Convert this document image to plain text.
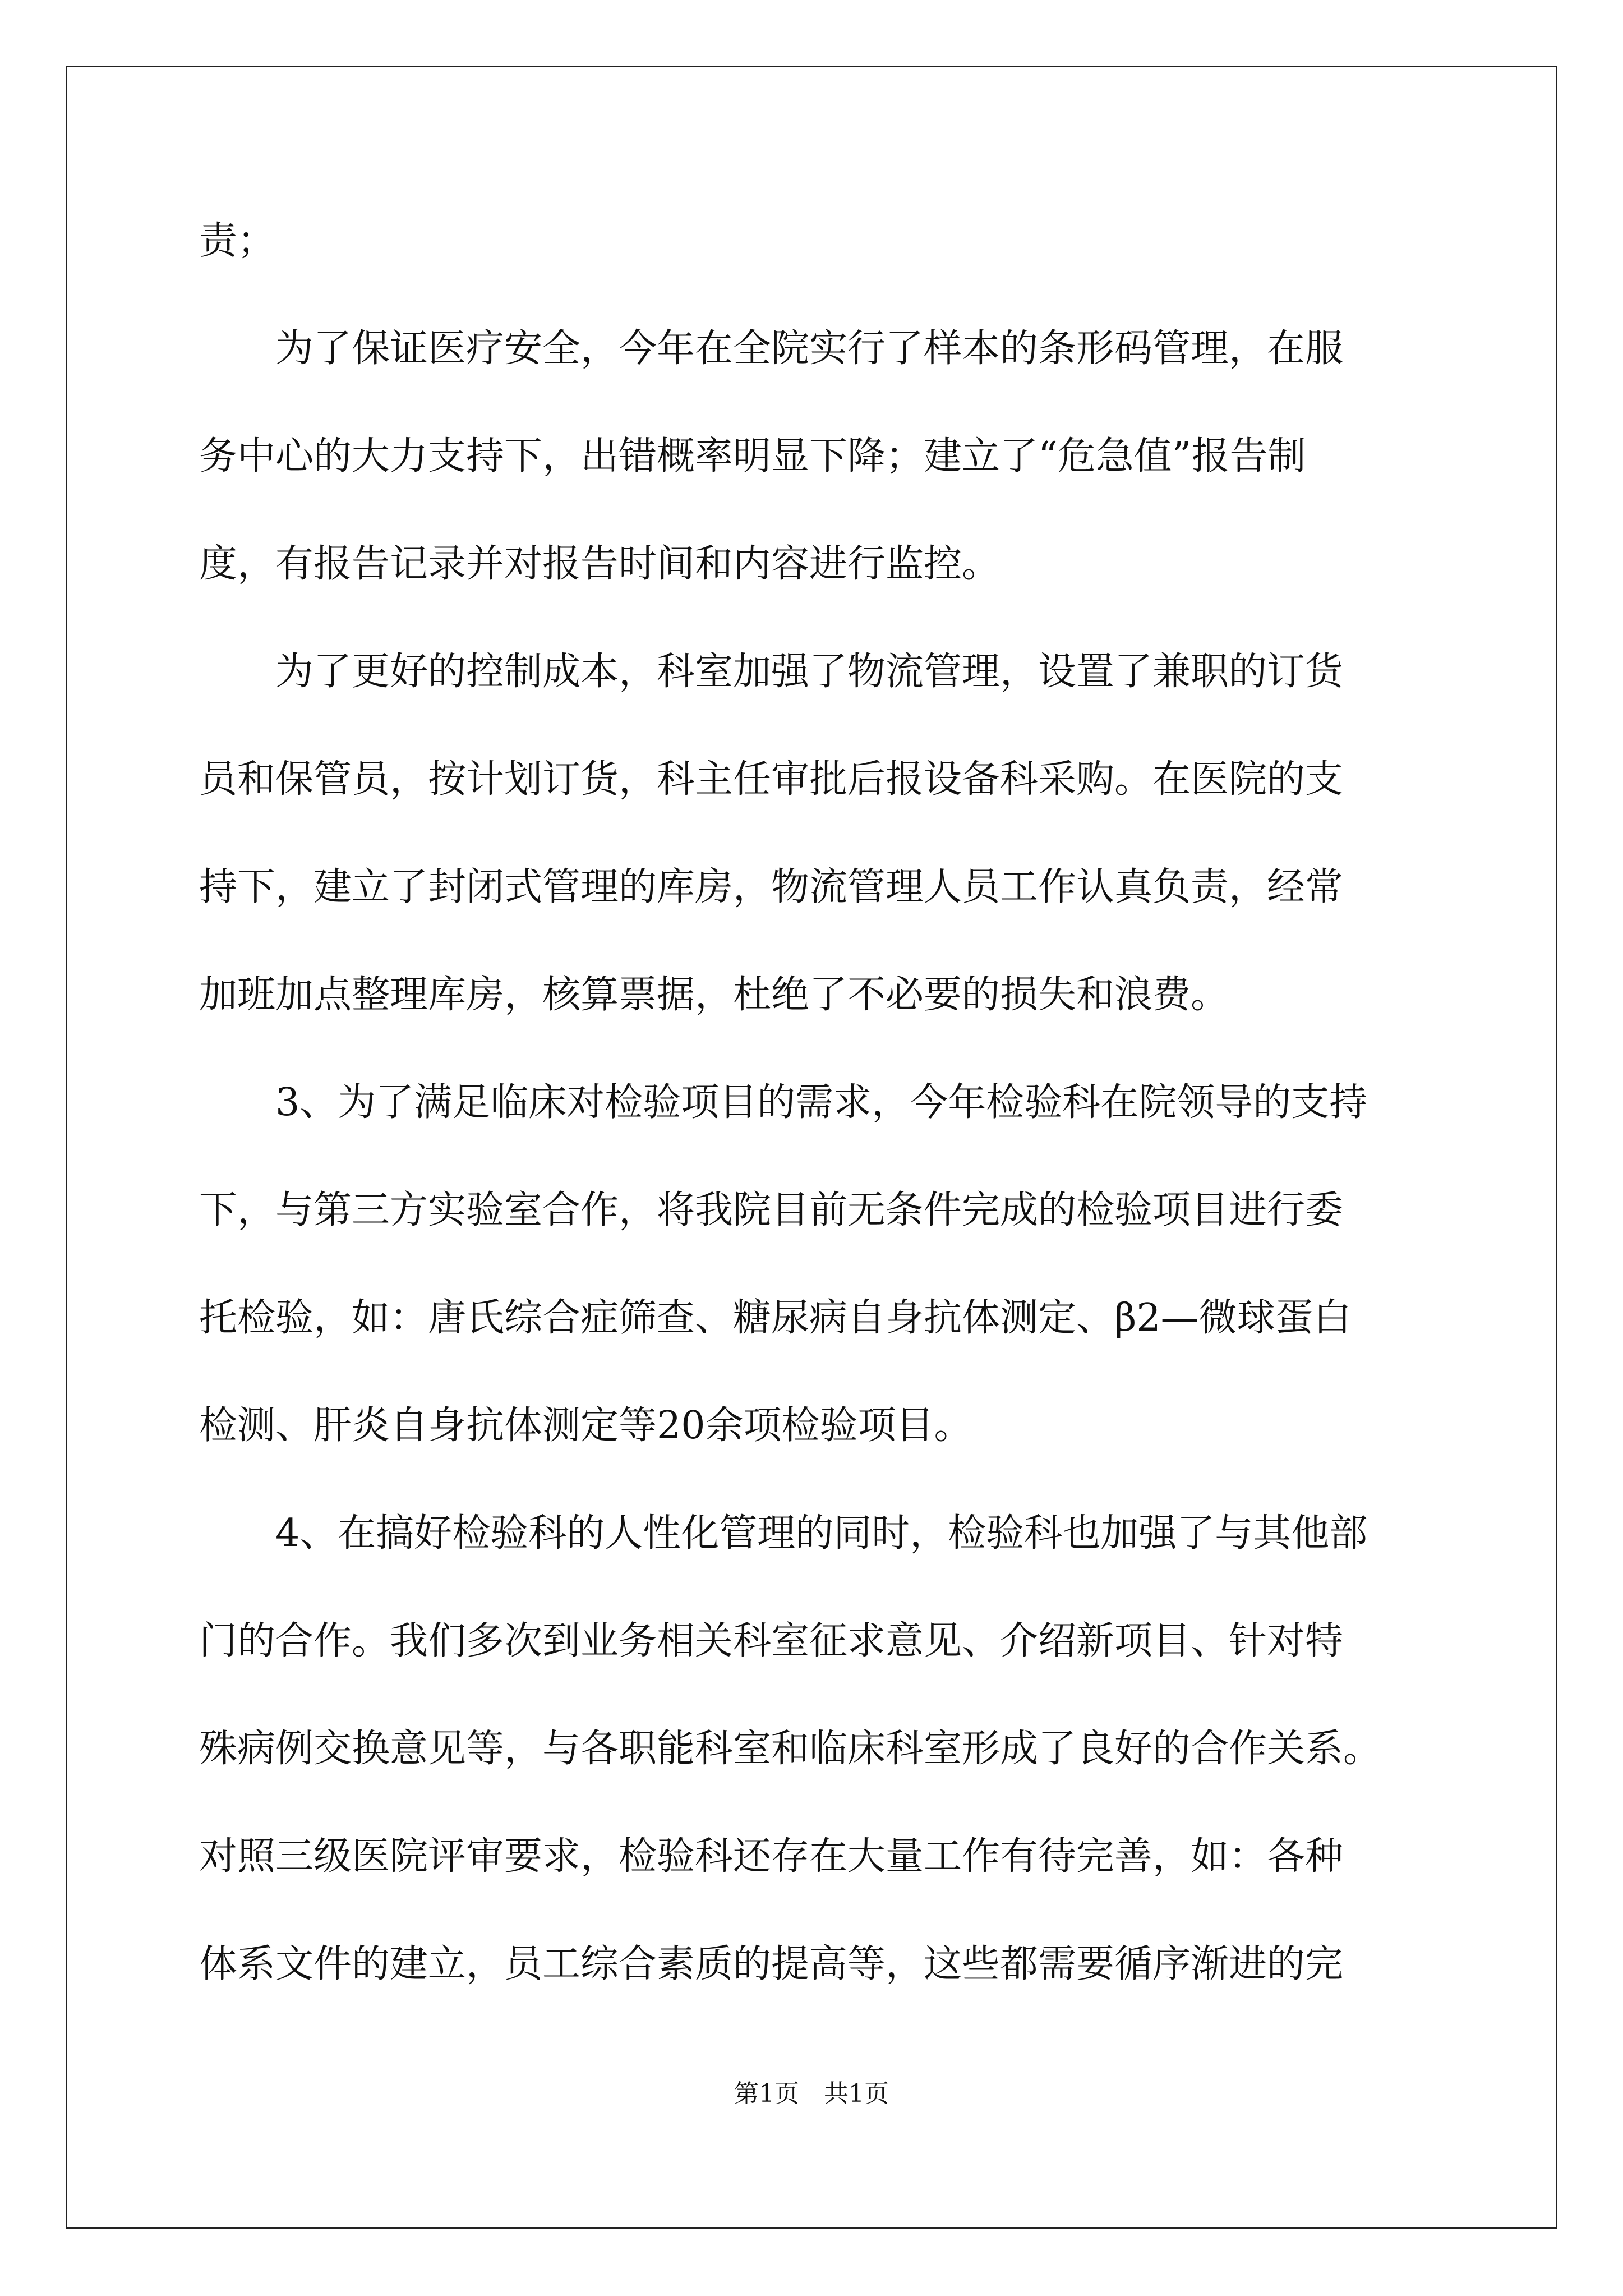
责；
为了保证医疗安全，今年在全院实行了样本的条形码管理，在服
务中心的大力支持下，出错概率明显下降；建立了“危急值”报告制
度，有报告记录并对报告时间和内容进行监控。
为了更好的控制成本，科室加强了物流管理，设置了兼职的订货
员和保管员，按计划订货，科主任审批后报设备科采购。在医院的支
持下，建立了封闭式管理的库房，物流管理人员工作认真负责，经常
加班加点整理库房，核算票据，杜绝了不必要的损失和浪费。
3、为了满足临床对检验项目的需求，今年检验科在院领导的支持
下，与第三方实验室合作，将我院目前无条件完成的检验项目进行委
托检验，如：唐氏综合症筛查、糖尿病自身抗体测定、β2—微球蛋白
检测、肝炎自身抗体测定等20余项检验项目。
4、在搞好检验科的人性化管理的同时，检验科也加强了与其他部
门的合作。我们多次到业务相关科室征求意见、介绍新项目、针对特
殊病例交换意见等，与各职能科室和临床科室形成了良好的合作关系。
对照三级医院评审要求，检验科还存在大量工作有待完善，如：各种
体系文件的建立，员工综合素质的提高等，这些都需要循序渐进的完
第1页　共1页
